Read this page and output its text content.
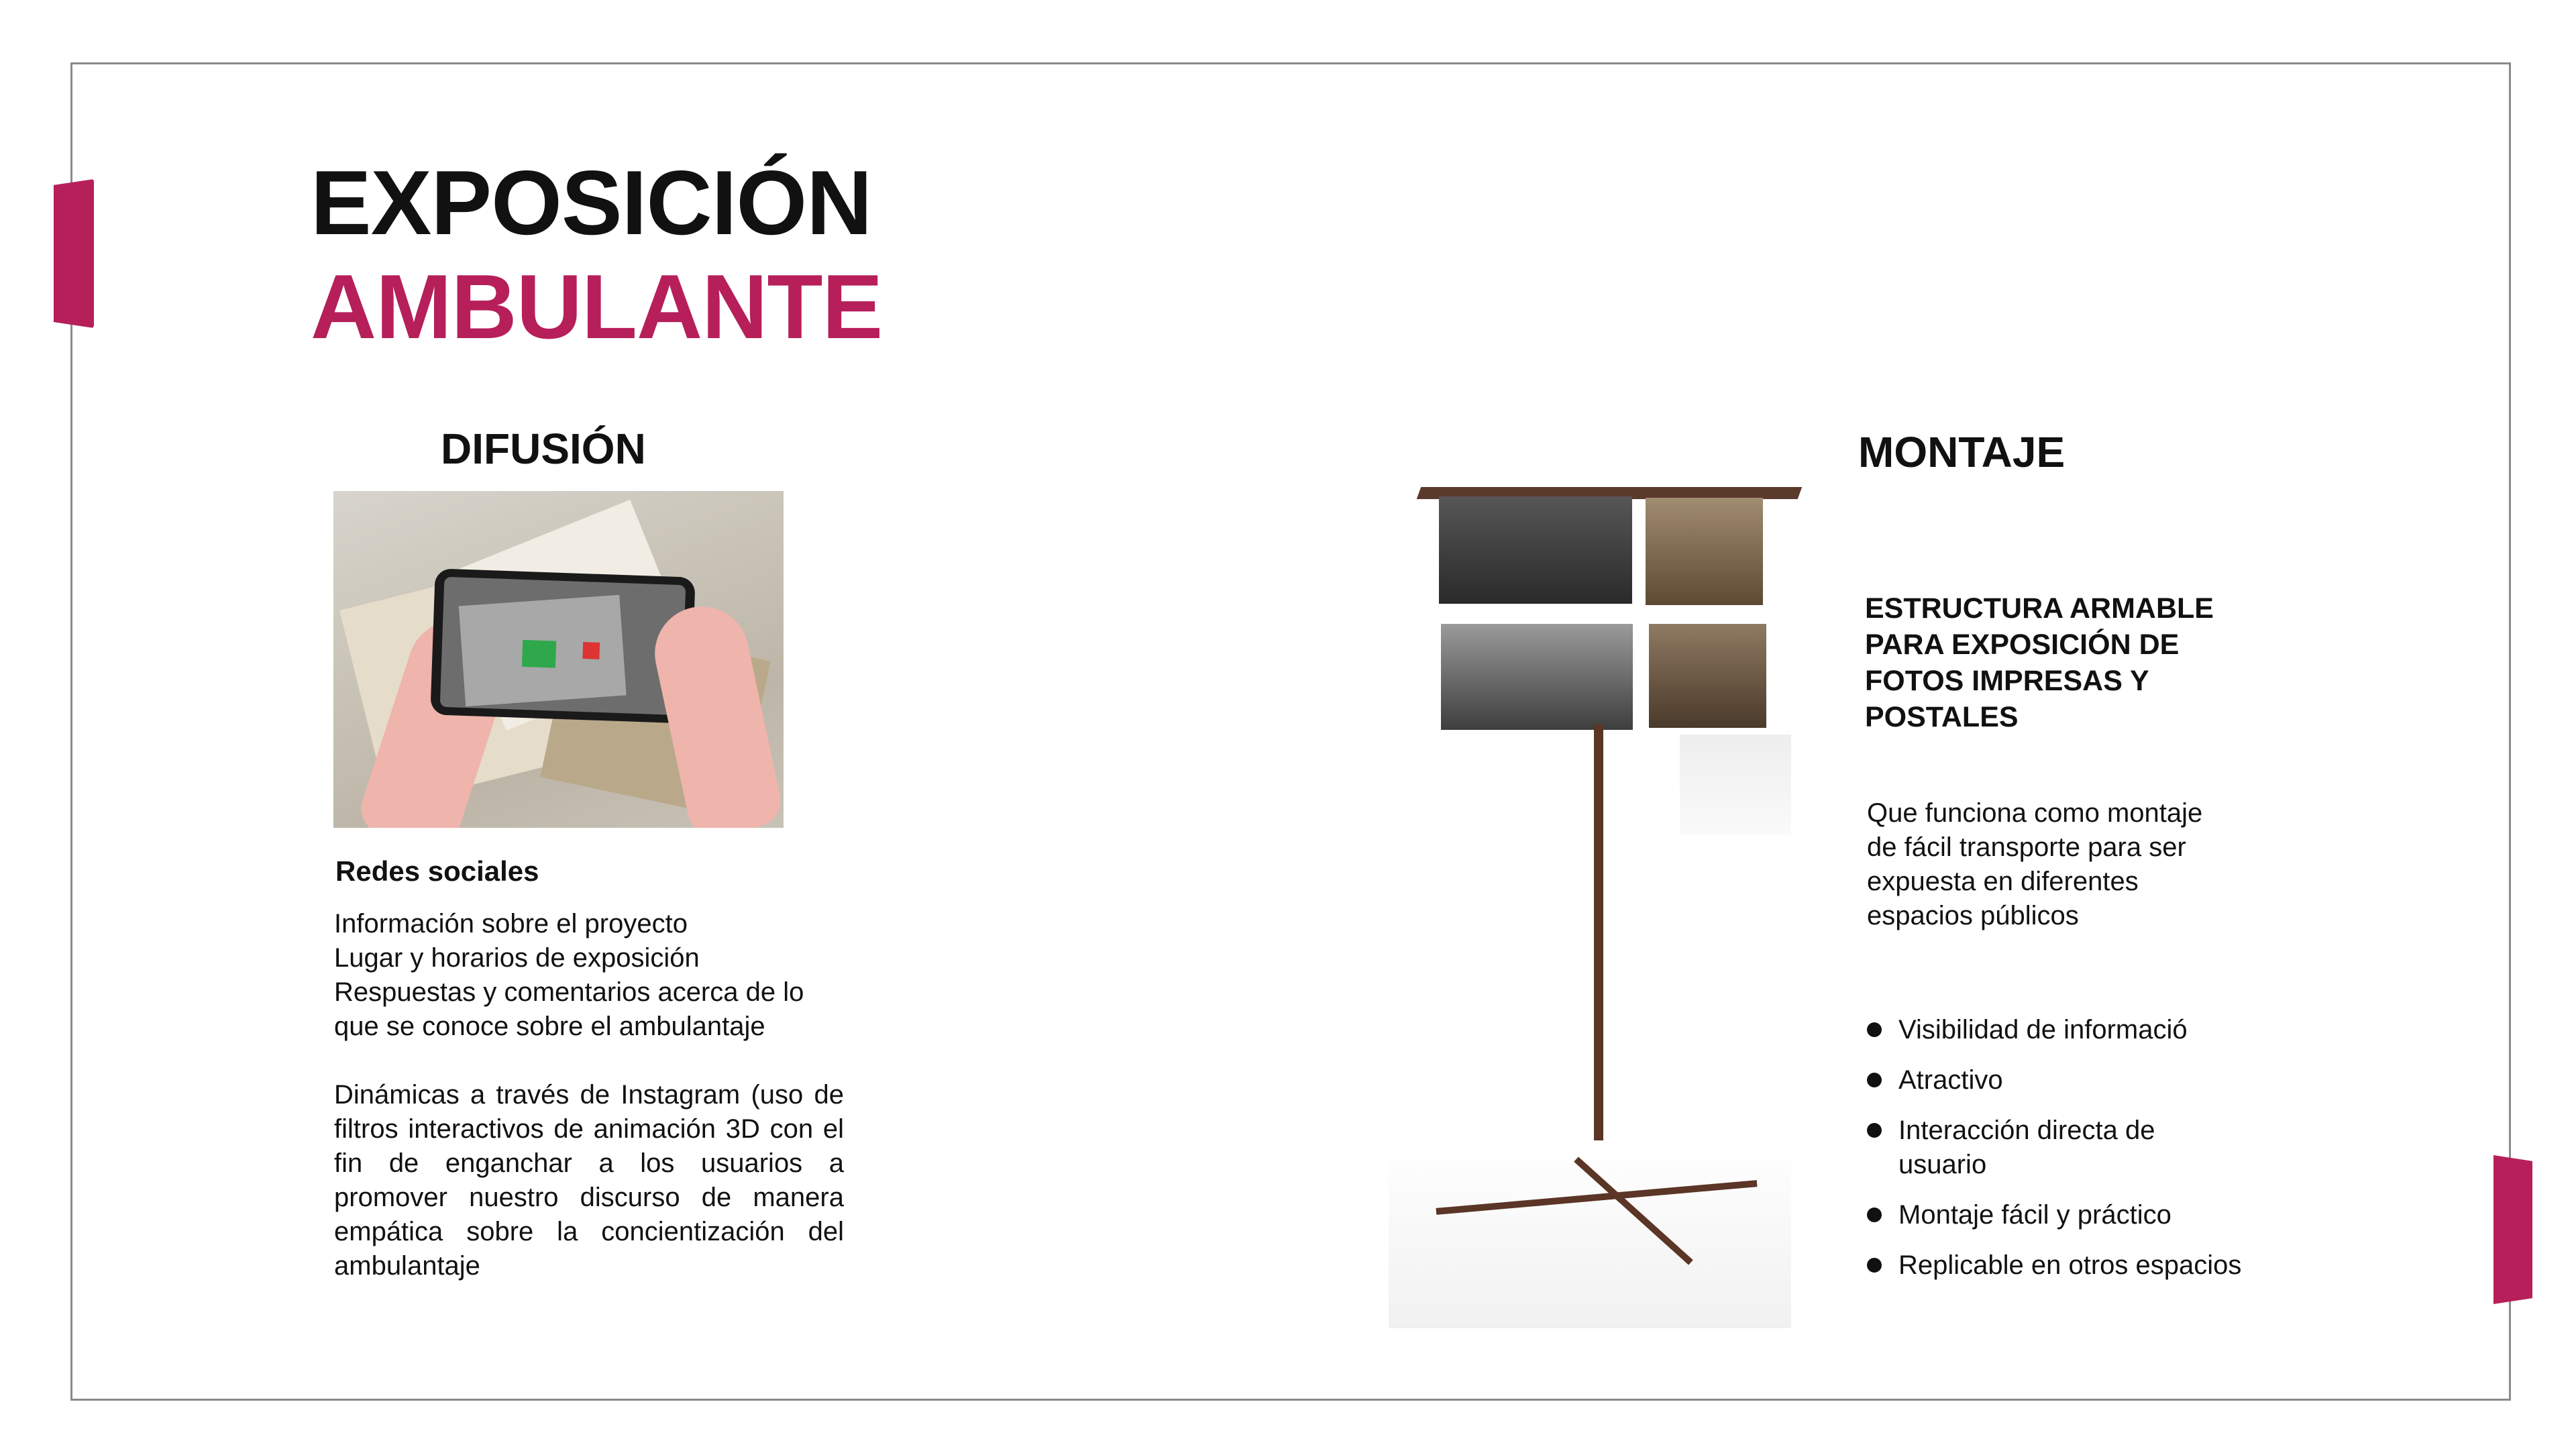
EXPOSICIÓN
AMBULANTE
DIFUSIÓN
Redes sociales
Información sobre el proyecto
Lugar y horarios de exposición
Respuestas y comentarios acerca de lo
que se conoce sobre el ambulantaje
Dinámicas a través de Instagram (uso de filtros interactivos de animación 3D con el fin de enganchar a los usuarios a promover nuestro discurso de manera empática sobre la concientización del ambulantaje
MONTAJE
ESTRUCTURA ARMABLE PARA EXPOSICIÓN DE FOTOS IMPRESAS Y POSTALES
Que funciona como montaje de fácil transporte para ser expuesta en diferentes espacios públicos
Visibilidad de informació
Atractivo
Interacción directa de usuario
Montaje fácil y práctico
Replicable en otros espacios
